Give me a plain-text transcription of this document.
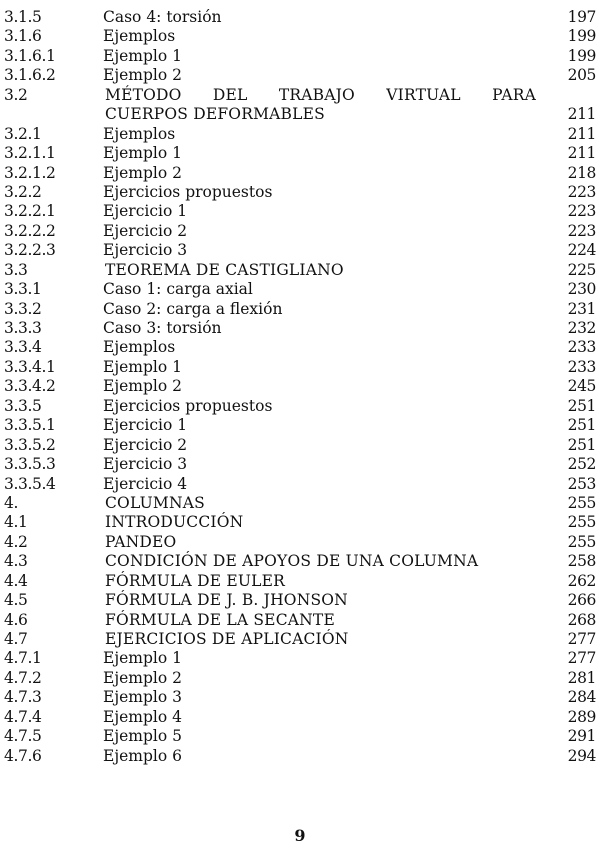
3.1.5	Caso 4: torsión	197
3.1.6	Ejemplos	199
3.1.6.1	Ejemplo 1	199
3.1.6.2	Ejemplo 2	205
3.2	MÉTODO DEL TRABAJO VIRTUAL PARA
CUERPOS DEFORMABLES	211
3.2.1	Ejemplos	211
3.2.1.1	Ejemplo 1	211
3.2.1.2	Ejemplo 2	218
3.2.2	Ejercicios propuestos	223
3.2.2.1	Ejercicio 1	223
3.2.2.2	Ejercicio 2	223
3.2.2.3	Ejercicio 3	224
3.3	TEOREMA DE CASTIGLIANO	225
3.3.1	Caso 1: carga axial	230
3.3.2	Caso 2: carga a flexión	231
3.3.3	Caso 3: torsión	232
3.3.4	Ejemplos	233
3.3.4.1	Ejemplo 1	233
3.3.4.2	Ejemplo 2	245
3.3.5	Ejercicios propuestos	251
3.3.5.1	Ejercicio 1	251
3.3.5.2	Ejercicio 2	251
3.3.5.3	Ejercicio 3	252
3.3.5.4	Ejercicio 4	253
4.	COLUMNAS	255
4.1	INTRODUCCIÓN	255
4.2	PANDEO	255
4.3	CONDICIÓN DE APOYOS DE UNA COLUMNA	258
4.4	FÓRMULA DE EULER	262
4.5	FÓRMULA DE J. B. JHONSON	266
4.6	FÓRMULA DE LA SECANTE	268
4.7	EJERCICIOS DE APLICACIÓN	277
4.7.1	Ejemplo 1	277
4.7.2	Ejemplo 2	281
4.7.3	Ejemplo 3	284
4.7.4	Ejemplo 4	289
4.7.5	Ejemplo 5	291
4.7.6	Ejemplo 6	294
9
